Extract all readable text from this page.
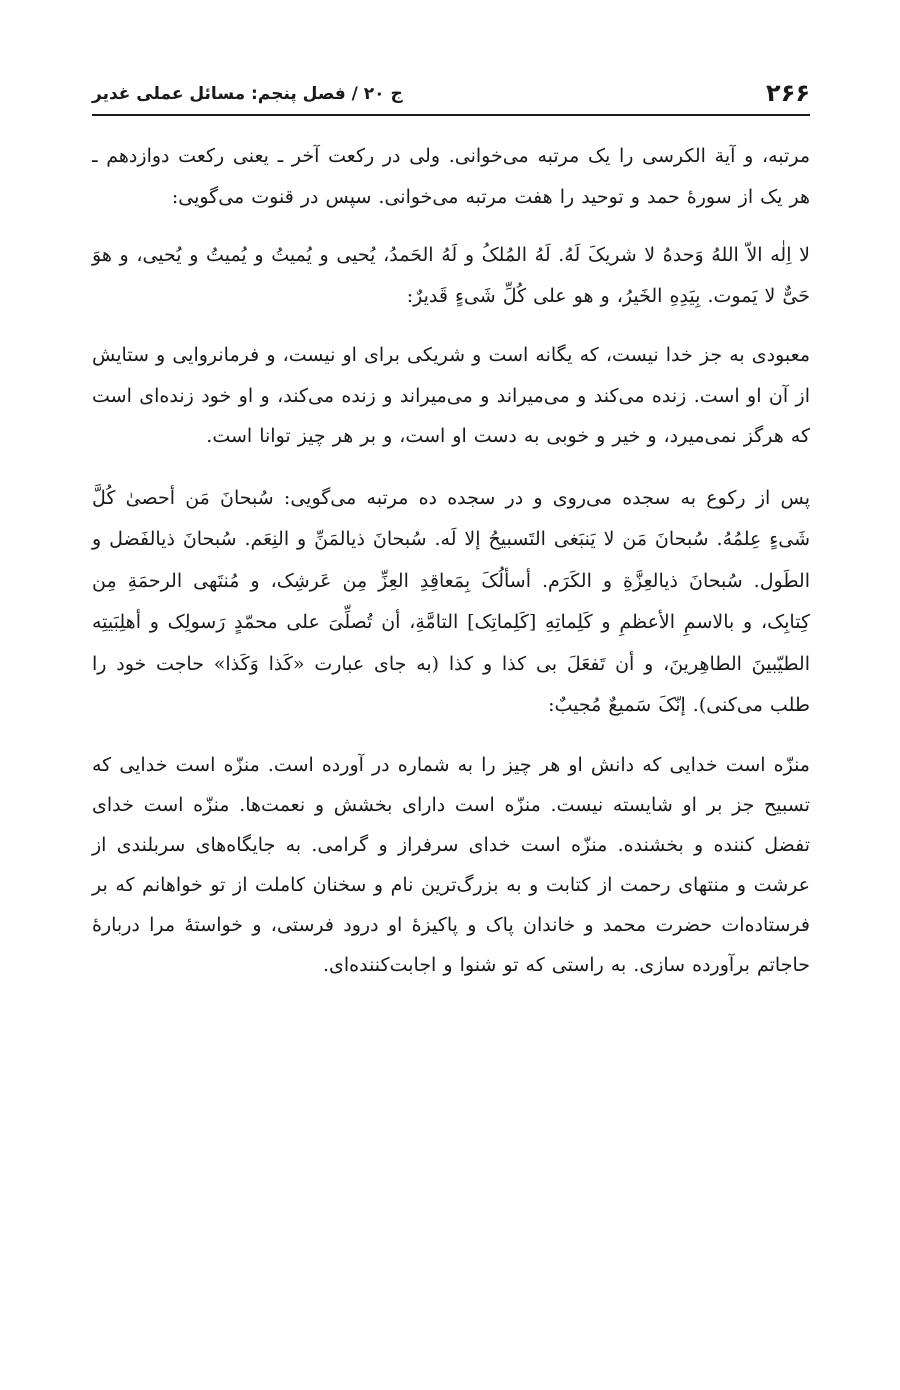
۲۶۶
ج ۲۰ / فصل پنجم: مسائل عملی غدیر

مرتبه، و آیة الکرسی را یک مرتبه می‌خوانی. ولی در رکعت آخر ـ یعنی رکعت دوازدهم ـ هر یک از سورهٔ حمد و توحید را هفت مرتبه می‌خوانی. سپس در قنوت می‌گویی:

لا اِلٰه الاّ اللهُ وَحدهُ لا شریکَ لَهُ. لَهُ المُلکُ و لَهُ الحَمدُ، یُحیی و یُمیتُ و یُمیتُ و یُحیی، و هوَ حَیٌّ لا یَموت. بِیَدِهِ الخَیرُ، و هو علی کُلِّ شَیءٍ قَدیرٌ:

معبودی به جز خدا نیست، که یگانه است و شریکی برای او نیست، و فرمانروایی و ستایش از آن او است. زنده می‌کند و می‌میراند و می‌میراند و زنده می‌کند، و او خود زنده‌ای است که هرگز نمی‌میرد، و خیر و خوبی به دست او است، و بر هر چیز توانا است.

پس از رکوع به سجده می‌روی و در سجده ده مرتبه می‌گویی: سُبحانَ مَن أحصیٰ کُلَّ شَیءٍ عِلمُهُ. سُبحانَ مَن لا یَنبَغی التَسبیحُ إلا لَه. سُبحانَ ذیالمَنِّ و النِعَم. سُبحانَ ذیالفَضل و الطَول. سُبحانَ ذیالعِزَّةِ و الکَرَم. أسألُکَ بِمَعاقِدِ العِزِّ مِن عَرشِک، و مُنتَهی الرحمَةِ مِن کِتابِک، و بالاسمِ الأعظمِ و کَلِماتِهِ [کَلِماتِک] التامَّةِ، أن تُصلِّیَ علی محمّدٍ رَسولِک و أهلِبَیتِه الطیّبینَ الطاهِرینَ، و أن تَفعَلَ بی کذا و کذا (به جای عبارت «کَذا وَکَذا» حاجت خود را طلب می‌کنی). إنّکَ سَمیعٌ مُجیبٌ:

منزّه است خدایی که دانش او هر چیز را به شماره در آورده است. منزّه است خدایی که تسبیح جز بر او شایسته نیست. منزّه است دارای بخشش و نعمت‌ها. منزّه است خدای تفضل کننده و بخشنده. منزّه است خدای سرفراز و گرامی. به جایگاه‌های سربلندی از عرشت و منتهای رحمت از کتابت و به بزرگ‌ترین نام و سخنان کاملت از تو خواهانم که بر فرستاده‌ات حضرت محمد و خاندان پاک و پاکیزهٔ او درود فرستی، و خواستهٔ مرا دربارهٔ حاجاتم برآورده سازی. به راستی که تو شنوا و اجابت‌کننده‌ای.
